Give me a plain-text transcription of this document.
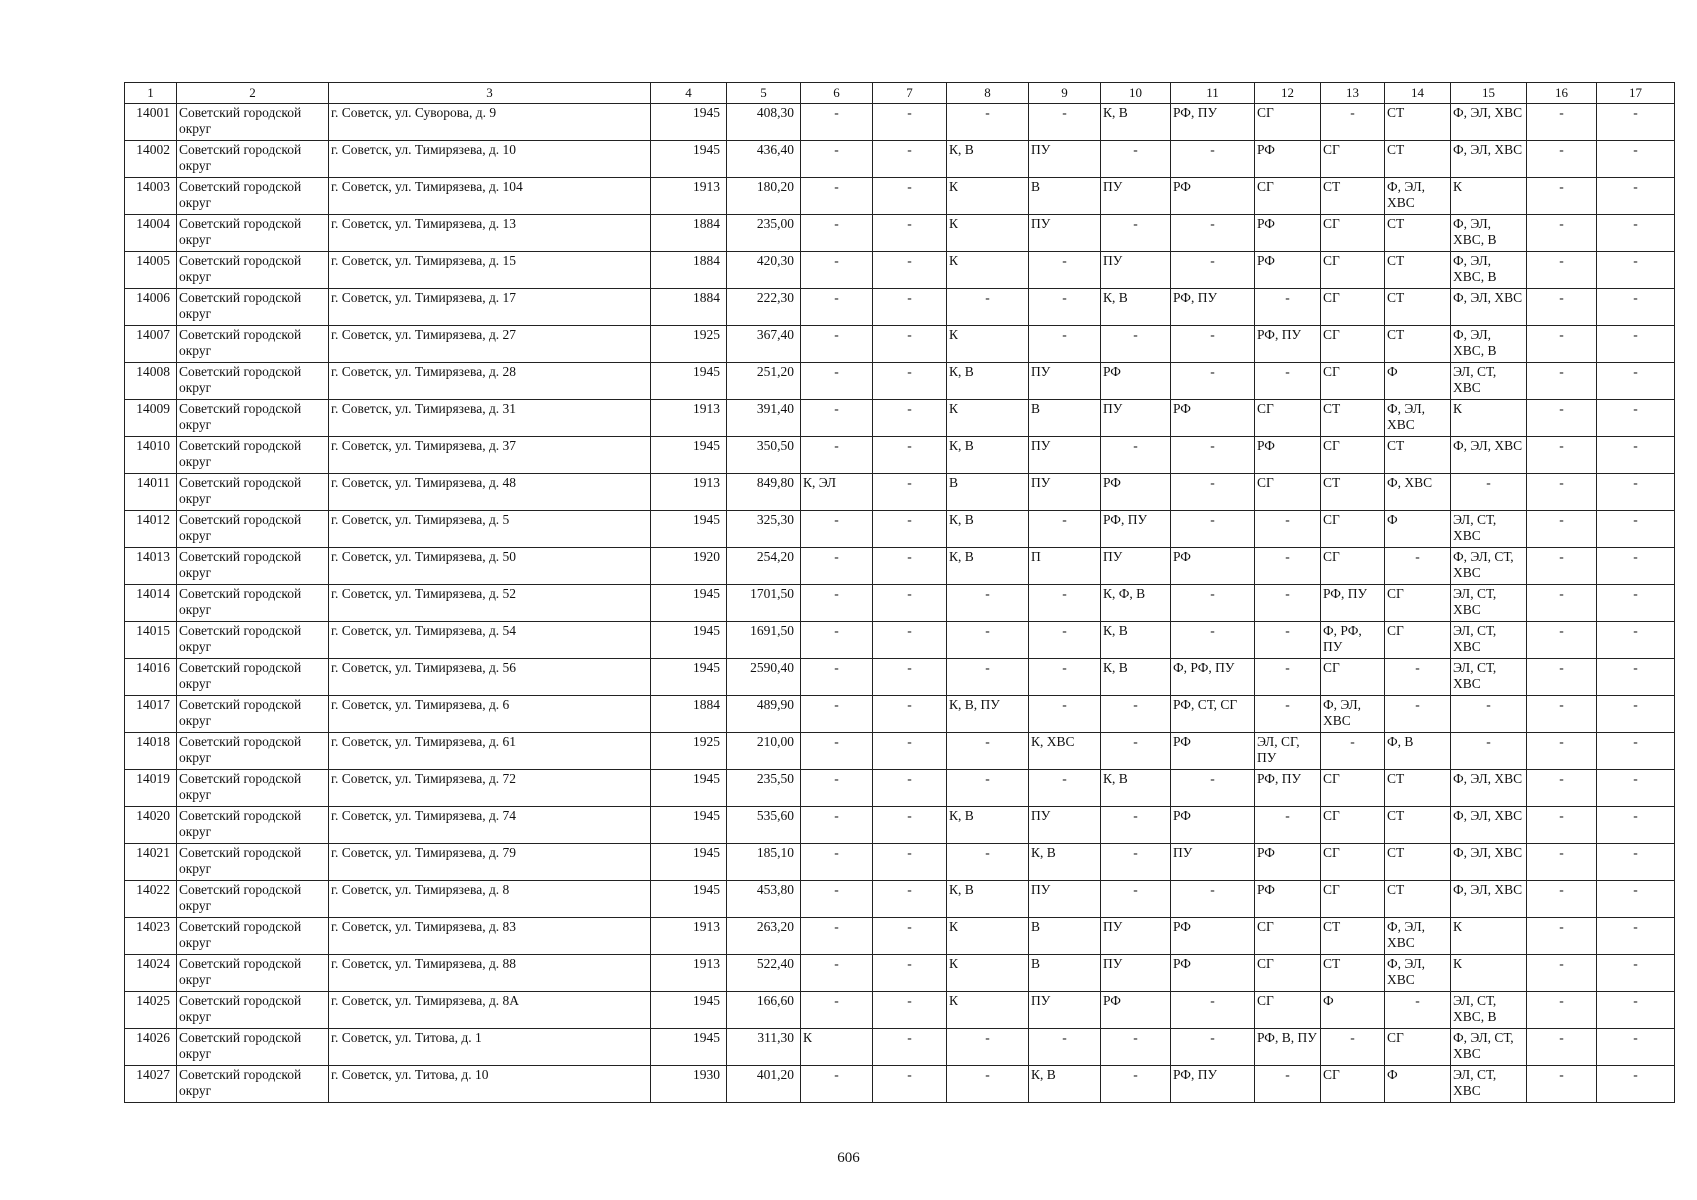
1	2	3	4	5	6	7	8	9	10	11	12	13	14	15	16	17
14001	Советский городской округ	г. Советск, ул. Суворова, д. 9	1945	408,30	-	-	-	-	К, В	РФ, ПУ	СГ	-	СТ	Ф, ЭЛ, ХВС	-	-
14002	Советский городской округ	г. Советск, ул. Тимирязева, д. 10	1945	436,40	-	-	К, В	ПУ	-	-	РФ	СГ	СТ	Ф, ЭЛ, ХВС	-	-
14003	Советский городской округ	г. Советск, ул. Тимирязева, д. 104	1913	180,20	-	-	К	В	ПУ	РФ	СГ	СТ	Ф, ЭЛ, ХВС	К	-	-
14004	Советский городской округ	г. Советск, ул. Тимирязева, д. 13	1884	235,00	-	-	К	ПУ	-	-	РФ	СГ	СТ	Ф, ЭЛ, ХВС, В	-	-
14005	Советский городской округ	г. Советск, ул. Тимирязева, д. 15	1884	420,30	-	-	К	-	ПУ	-	РФ	СГ	СТ	Ф, ЭЛ, ХВС, В	-	-
14006	Советский городской округ	г. Советск, ул. Тимирязева, д. 17	1884	222,30	-	-	-	-	К, В	РФ, ПУ	-	СГ	СТ	Ф, ЭЛ, ХВС	-	-
14007	Советский городской округ	г. Советск, ул. Тимирязева, д. 27	1925	367,40	-	-	К	-	-	-	РФ, ПУ	СГ	СТ	Ф, ЭЛ, ХВС, В	-	-
14008	Советский городской округ	г. Советск, ул. Тимирязева, д. 28	1945	251,20	-	-	К, В	ПУ	РФ	-	-	СГ	Ф	ЭЛ, СТ, ХВС	-	-
14009	Советский городской округ	г. Советск, ул. Тимирязева, д. 31	1913	391,40	-	-	К	В	ПУ	РФ	СГ	СТ	Ф, ЭЛ, ХВС	К	-	-
14010	Советский городской округ	г. Советск, ул. Тимирязева, д. 37	1945	350,50	-	-	К, В	ПУ	-	-	РФ	СГ	СТ	Ф, ЭЛ, ХВС	-	-
14011	Советский городской округ	г. Советск, ул. Тимирязева, д. 48	1913	849,80	К, ЭЛ	-	В	ПУ	РФ	-	СГ	СТ	Ф, ХВС	-	-	-
14012	Советский городской округ	г. Советск, ул. Тимирязева, д. 5	1945	325,30	-	-	К, В	-	РФ, ПУ	-	-	СГ	Ф	ЭЛ, СТ, ХВС	-	-
14013	Советский городской округ	г. Советск, ул. Тимирязева, д. 50	1920	254,20	-	-	К, В	П	ПУ	РФ	-	СГ	-	Ф, ЭЛ, СТ, ХВС	-	-
14014	Советский городской округ	г. Советск, ул. Тимирязева, д. 52	1945	1701,50	-	-	-	-	К, Ф, В	-	-	РФ, ПУ	СГ	ЭЛ, СТ, ХВС	-	-
14015	Советский городской округ	г. Советск, ул. Тимирязева, д. 54	1945	1691,50	-	-	-	-	К, В	-	-	Ф, РФ, ПУ	СГ	ЭЛ, СТ, ХВС	-	-
14016	Советский городской округ	г. Советск, ул. Тимирязева, д. 56	1945	2590,40	-	-	-	-	К, В	Ф, РФ, ПУ	-	СГ	-	ЭЛ, СТ, ХВС	-	-
14017	Советский городской округ	г. Советск, ул. Тимирязева, д. 6	1884	489,90	-	-	К, В, ПУ	-	-	РФ, СТ, СГ	-	Ф, ЭЛ, ХВС	-	-	-	-
14018	Советский городской округ	г. Советск, ул. Тимирязева, д. 61	1925	210,00	-	-	-	К, ХВС	-	РФ	ЭЛ, СГ, ПУ	-	Ф, В	-	-	-
14019	Советский городской округ	г. Советск, ул. Тимирязева, д. 72	1945	235,50	-	-	-	-	К, В	-	РФ, ПУ	СГ	СТ	Ф, ЭЛ, ХВС	-	-
14020	Советский городской округ	г. Советск, ул. Тимирязева, д. 74	1945	535,60	-	-	К, В	ПУ	-	РФ	-	СГ	СТ	Ф, ЭЛ, ХВС	-	-
14021	Советский городской округ	г. Советск, ул. Тимирязева, д. 79	1945	185,10	-	-	-	К, В	-	ПУ	РФ	СГ	СТ	Ф, ЭЛ, ХВС	-	-
14022	Советский городской округ	г. Советск, ул. Тимирязева, д. 8	1945	453,80	-	-	К, В	ПУ	-	-	РФ	СГ	СТ	Ф, ЭЛ, ХВС	-	-
14023	Советский городской округ	г. Советск, ул. Тимирязева, д. 83	1913	263,20	-	-	К	В	ПУ	РФ	СГ	СТ	Ф, ЭЛ, ХВС	К	-	-
14024	Советский городской округ	г. Советск, ул. Тимирязева, д. 88	1913	522,40	-	-	К	В	ПУ	РФ	СГ	СТ	Ф, ЭЛ, ХВС	К	-	-
14025	Советский городской округ	г. Советск, ул. Тимирязева, д. 8А	1945	166,60	-	-	К	ПУ	РФ	-	СГ	Ф	-	ЭЛ, СТ, ХВС, В	-	-
14026	Советский городской округ	г. Советск, ул. Титова, д. 1	1945	311,30	К	-	-	-	-	-	РФ, В, ПУ	-	СГ	Ф, ЭЛ, СТ, ХВС	-	-
14027	Советский городской округ	г. Советск, ул. Титова, д. 10	1930	401,20	-	-	-	К, В	-	РФ, ПУ	-	СГ	Ф	ЭЛ, СТ, ХВС	-	-
606
